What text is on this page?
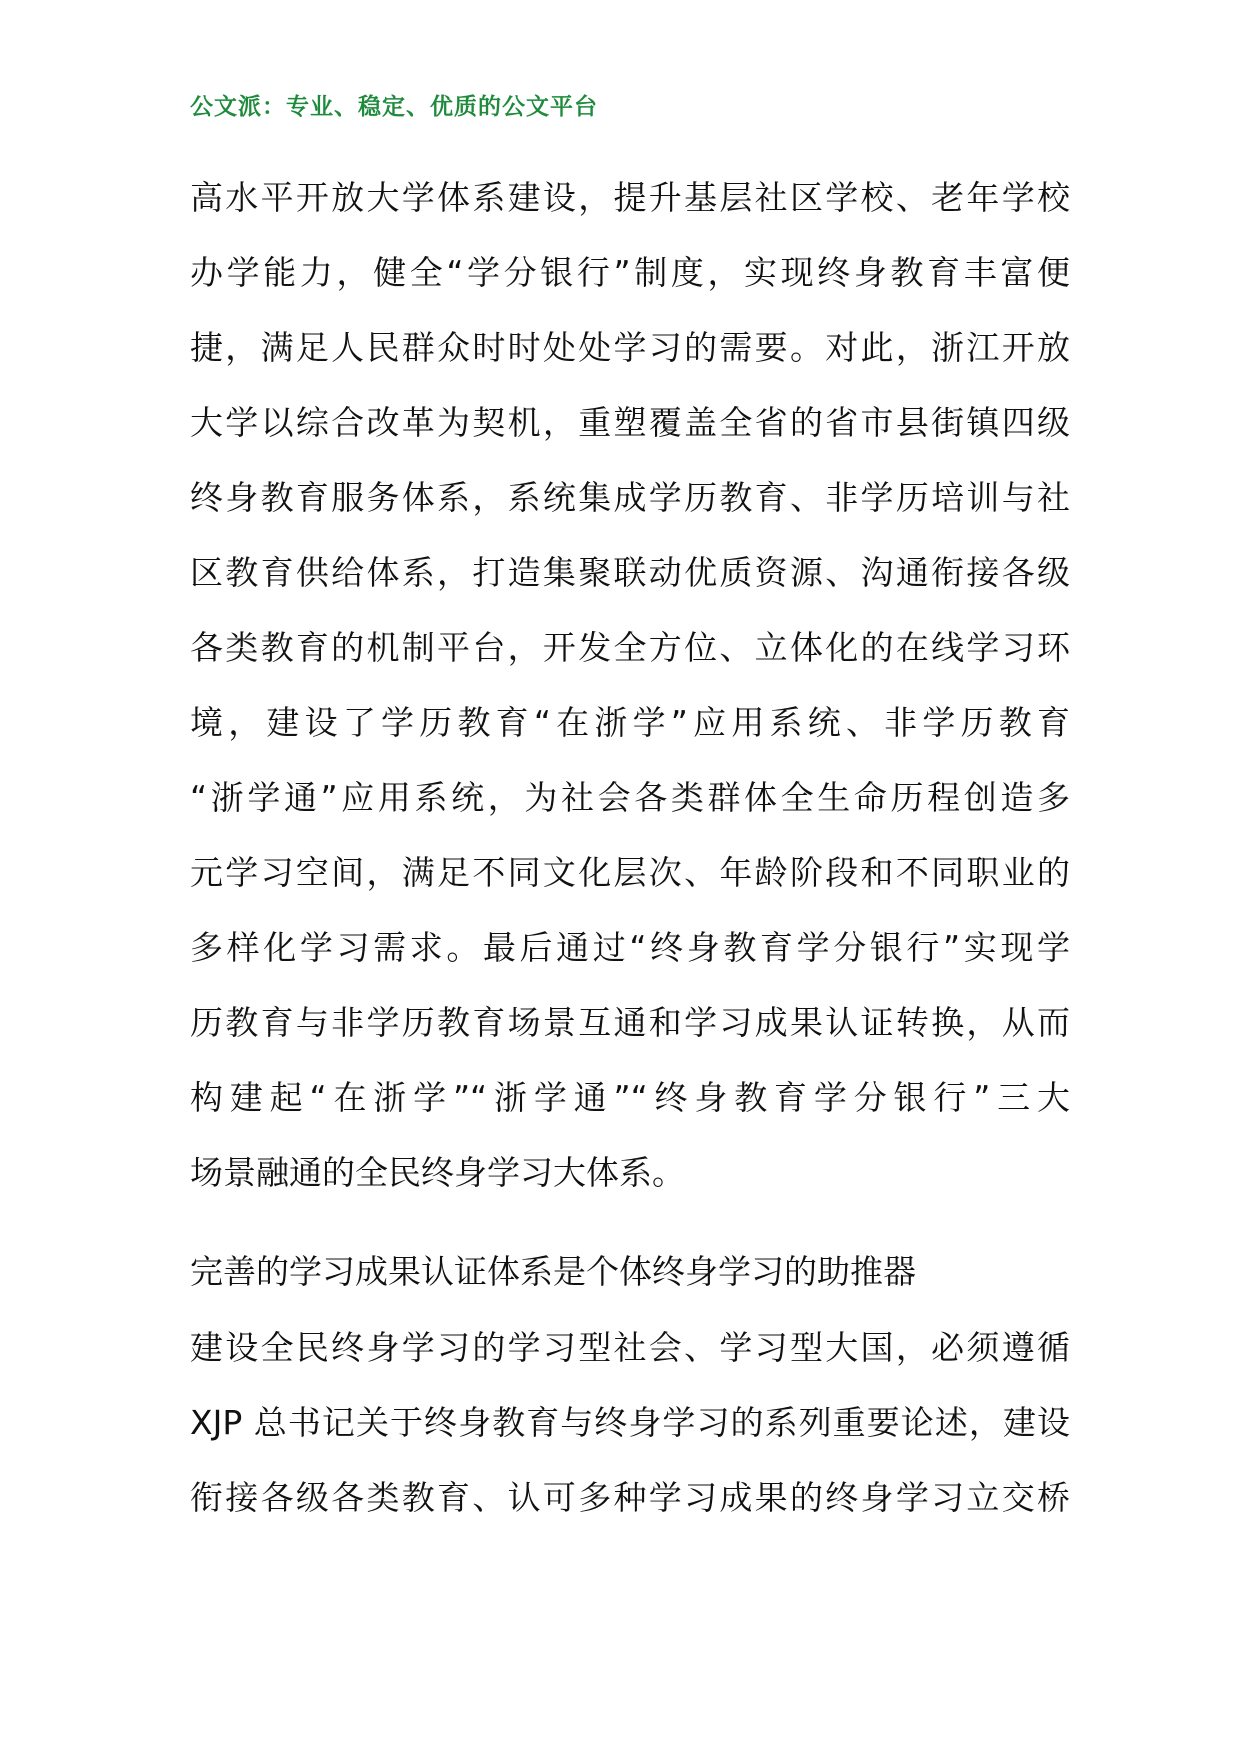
公文派：专业、稳定、优质的公文平台
高水平开放大学体系建设，提升基层社区学校、老年学校
办学能力，健全“学分银行”制度，实现终身教育丰富便
捷，满足人民群众时时处处学习的需要。对此，浙江开放
大学以综合改革为契机，重塑覆盖全省的省市县街镇四级
终身教育服务体系，系统集成学历教育、非学历培训与社
区教育供给体系，打造集聚联动优质资源、沟通衔接各级
各类教育的机制平台，开发全方位、立体化的在线学习环
境，建设了学历教育“在浙学”应用系统、非学历教育
“浙学通”应用系统，为社会各类群体全生命历程创造多
元学习空间，满足不同文化层次、年龄阶段和不同职业的
多样化学习需求。最后通过“终身教育学分银行”实现学
历教育与非学历教育场景互通和学习成果认证转换，从而
构建起“在浙学”“浙学通”“终身教育学分银行”三大
场景融通的全民终身学习大体系。
完善的学习成果认证体系是个体终身学习的助推器
建设全民终身学习的学习型社会、学习型大国，必须遵循
XJP 总书记关于终身教育与终身学习的系列重要论述，建设
衔接各级各类教育、认可多种学习成果的终身学习立交桥
